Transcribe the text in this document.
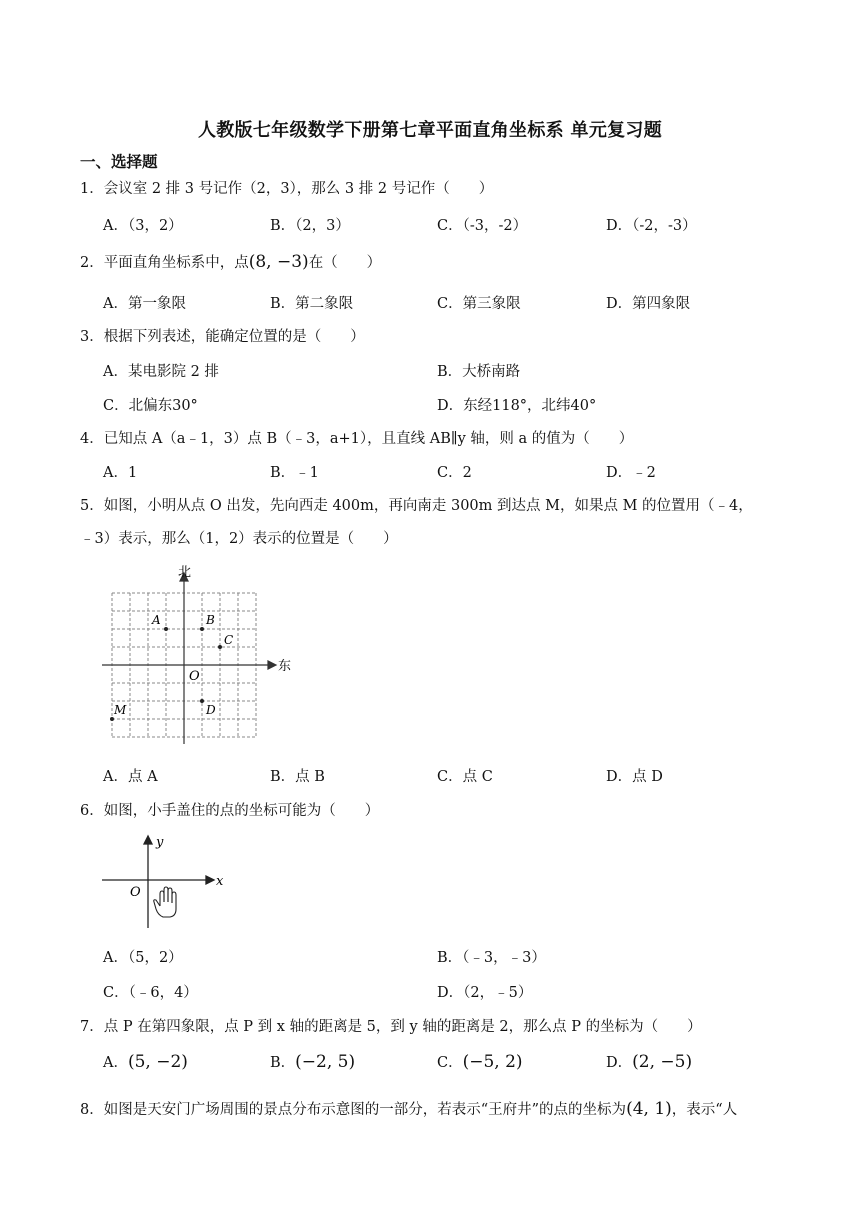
人教版七年级数学下册第七章平面直角坐标系 单元复习题
一、选择题
1．会议室 2 排 3 号记作（2，3），那么 3 排 2 号记作（　　）
A．（3，2）	B．（2，3）	C．（-3，-2）	D．（-2，-3）
2．平面直角坐标系中，点(8, −3)在（　　）
A．第一象限	B．第二象限	C．第三象限	D．第四象限
3．根据下列表述，能确定位置的是（　　）
A．某电影院 2 排	B．大桥南路
C．北偏东30°	D．东经118°，北纬40°
4．已知点 A（a﹣1，3）点 B（﹣3，a+1），且直线 AB∥y 轴，则 a 的值为（　　）
A．1	B．﹣1	C．2	D．﹣2
5．如图，小明从点 O 出发，先向西走 400m，再向南走 300m 到达点 M，如果点 M 的位置用（﹣4，
﹣3）表示，那么（1，2）表示的位置是（　　）
北
东
O
A	B
C
D
M
A．点 A	B．点 B	C．点 C	D．点 D
6．如图，小手盖住的点的坐标可能为（　　）
y
x
O
A．（5，2）	B．（﹣3，﹣3）
C．（﹣6，4）	D．（2，﹣5）
7．点 P 在第四象限，点 P 到 x 轴的距离是 5，到 y 轴的距离是 2，那么点 P 的坐标为（　　）
A．(5, −2)	B．(−2, 5)	C．(−5, 2)	D．(2, −5)
8．如图是天安门广场周围的景点分布示意图的一部分，若表示“王府井”的点的坐标为(4, 1)，表示“人
